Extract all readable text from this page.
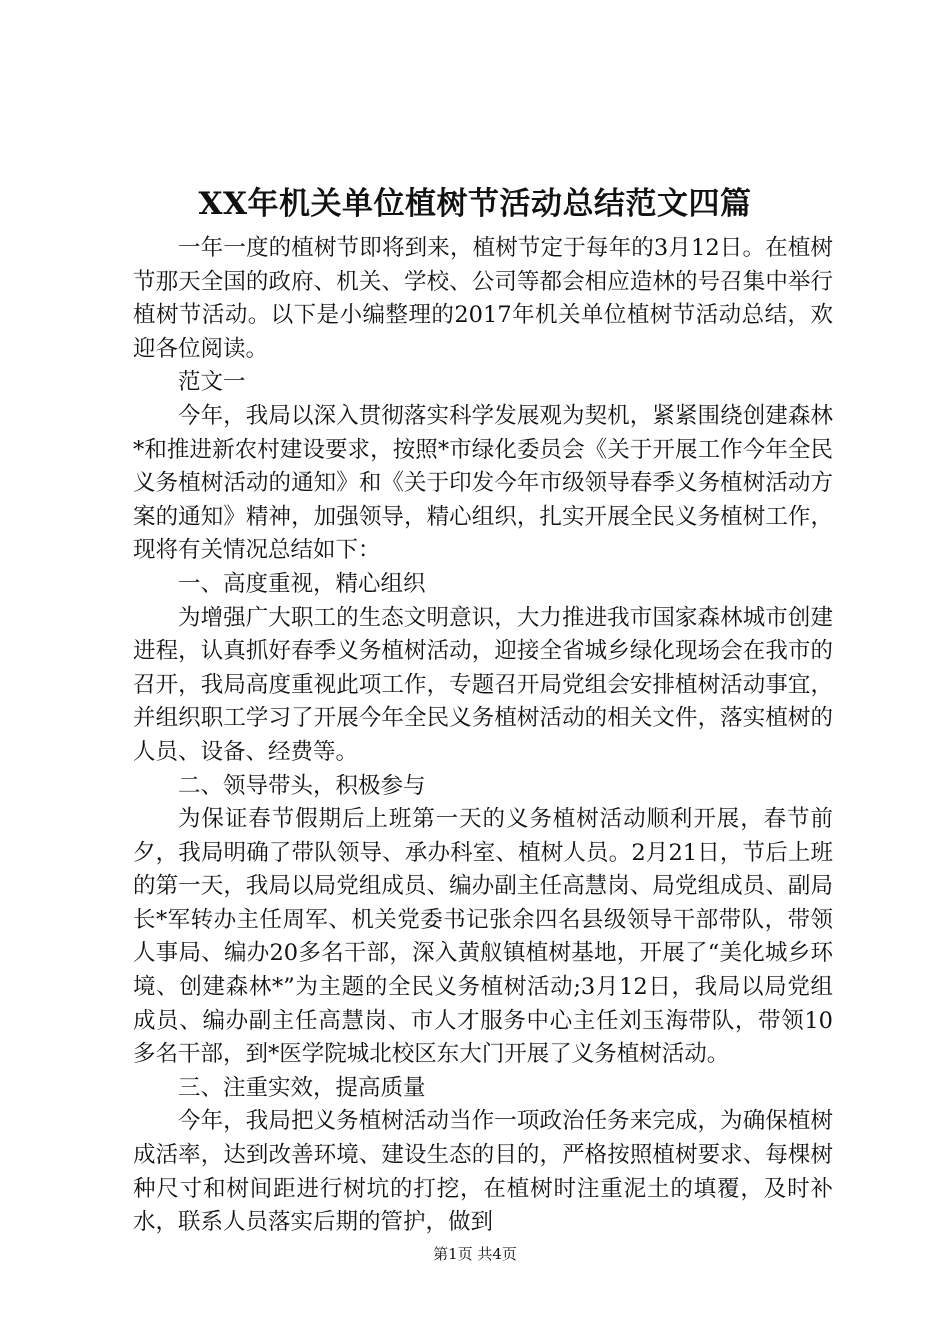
XX年机关单位植树节活动总结范文四篇

一年一度的植树节即将到来，植树节定于每年的3月12日。在植树节那天全国的政府、机关、学校、公司等都会相应造林的号召集中举行植树节活动。以下是小编整理的2017年机关单位植树节活动总结，欢迎各位阅读。

范文一

今年，我局以深入贯彻落实科学发展观为契机，紧紧围绕创建森林*和推进新农村建设要求，按照*市绿化委员会《关于开展工作今年全民义务植树活动的通知》和《关于印发今年市级领导春季义务植树活动方案的通知》精神，加强领导，精心组织，扎实开展全民义务植树工作，现将有关情况总结如下：

一、高度重视，精心组织

为增强广大职工的生态文明意识，大力推进我市国家森林城市创建进程，认真抓好春季义务植树活动，迎接全省城乡绿化现场会在我市的召开，我局高度重视此项工作，专题召开局党组会安排植树活动事宜，并组织职工学习了开展今年全民义务植树活动的相关文件，落实植树的人员、设备、经费等。

二、领导带头，积极参与

为保证春节假期后上班第一天的义务植树活动顺利开展，春节前夕，我局明确了带队领导、承办科室、植树人员。2月21日，节后上班的第一天，我局以局党组成员、编办副主任高慧岗、局党组成员、副局长*军转办主任周军、机关党委书记张余四名县级领导干部带队，带领人事局、编办20多名干部，深入黄舣镇植树基地，开展了“美化城乡环境、创建森林*”为主题的全民义务植树活动;3月12日，我局以局党组成员、编办副主任高慧岗、市人才服务中心主任刘玉海带队，带领10多名干部，到*医学院城北校区东大门开展了义务植树活动。

三、注重实效，提高质量

今年，我局把义务植树活动当作一项政治任务来完成，为确保植树成活率，达到改善环境、建设生态的目的，严格按照植树要求、每棵树种尺寸和树间距进行树坑的打挖，在植树时注重泥土的填覆，及时补水，联系人员落实后期的管护，做到

第1页 共4页
